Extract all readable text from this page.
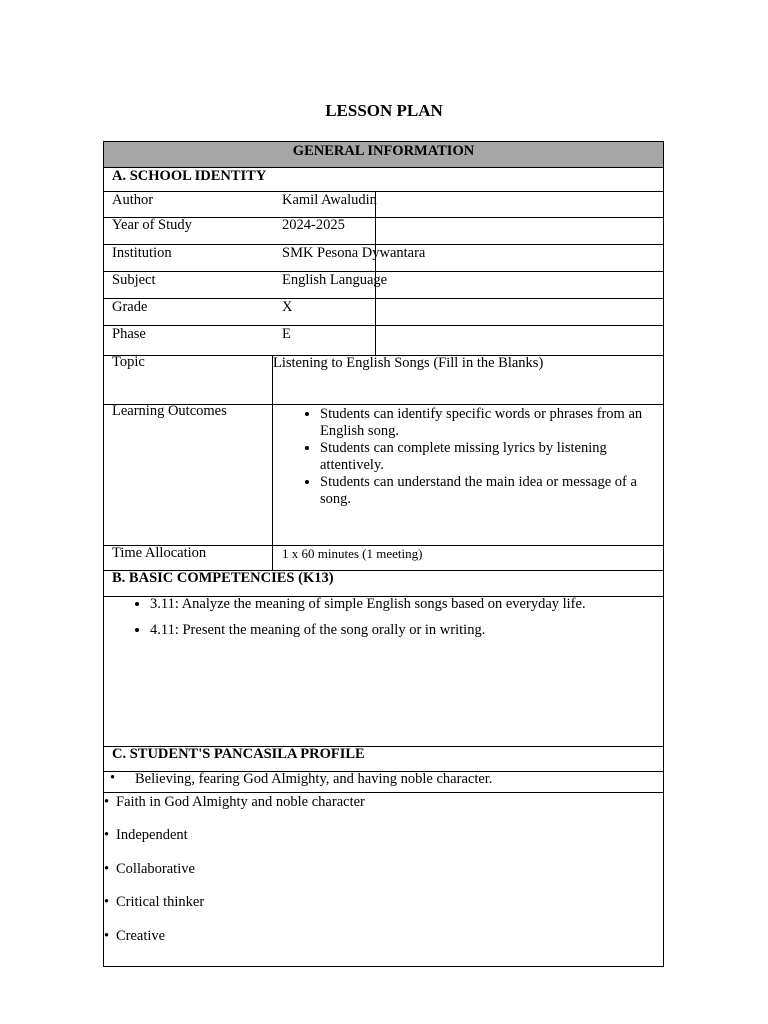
LESSON PLAN
GENERAL INFORMATION
A. SCHOOL IDENTITY
Author	Kamil Awaludin
Year of Study	2024-2025
Institution	SMK Pesona Dywantara
Subject	English Language
Grade	X
Phase	E
Topic	Listening to English Songs (Fill in the Blanks)
Learning Outcomes
•	Students can identify specific words or phrases from an English song.
• Students can complete missing lyrics by listening attentively.
• Students can understand the main idea or message of a song.
Time Allocation	1 x 60 minutes (1 meeting)
B. BASIC COMPETENCIES (K13)
• 3.11: Analyze the meaning of simple English songs based on everyday life.
• 4.11: Present the meaning of the song orally or in writing.
C. STUDENT'S PANCASILA PROFILE
• Believing, fearing God Almighty, and having noble character.
• Faith in God Almighty and noble character
• Independent
• Collaborative
• Critical thinker
• Creative
